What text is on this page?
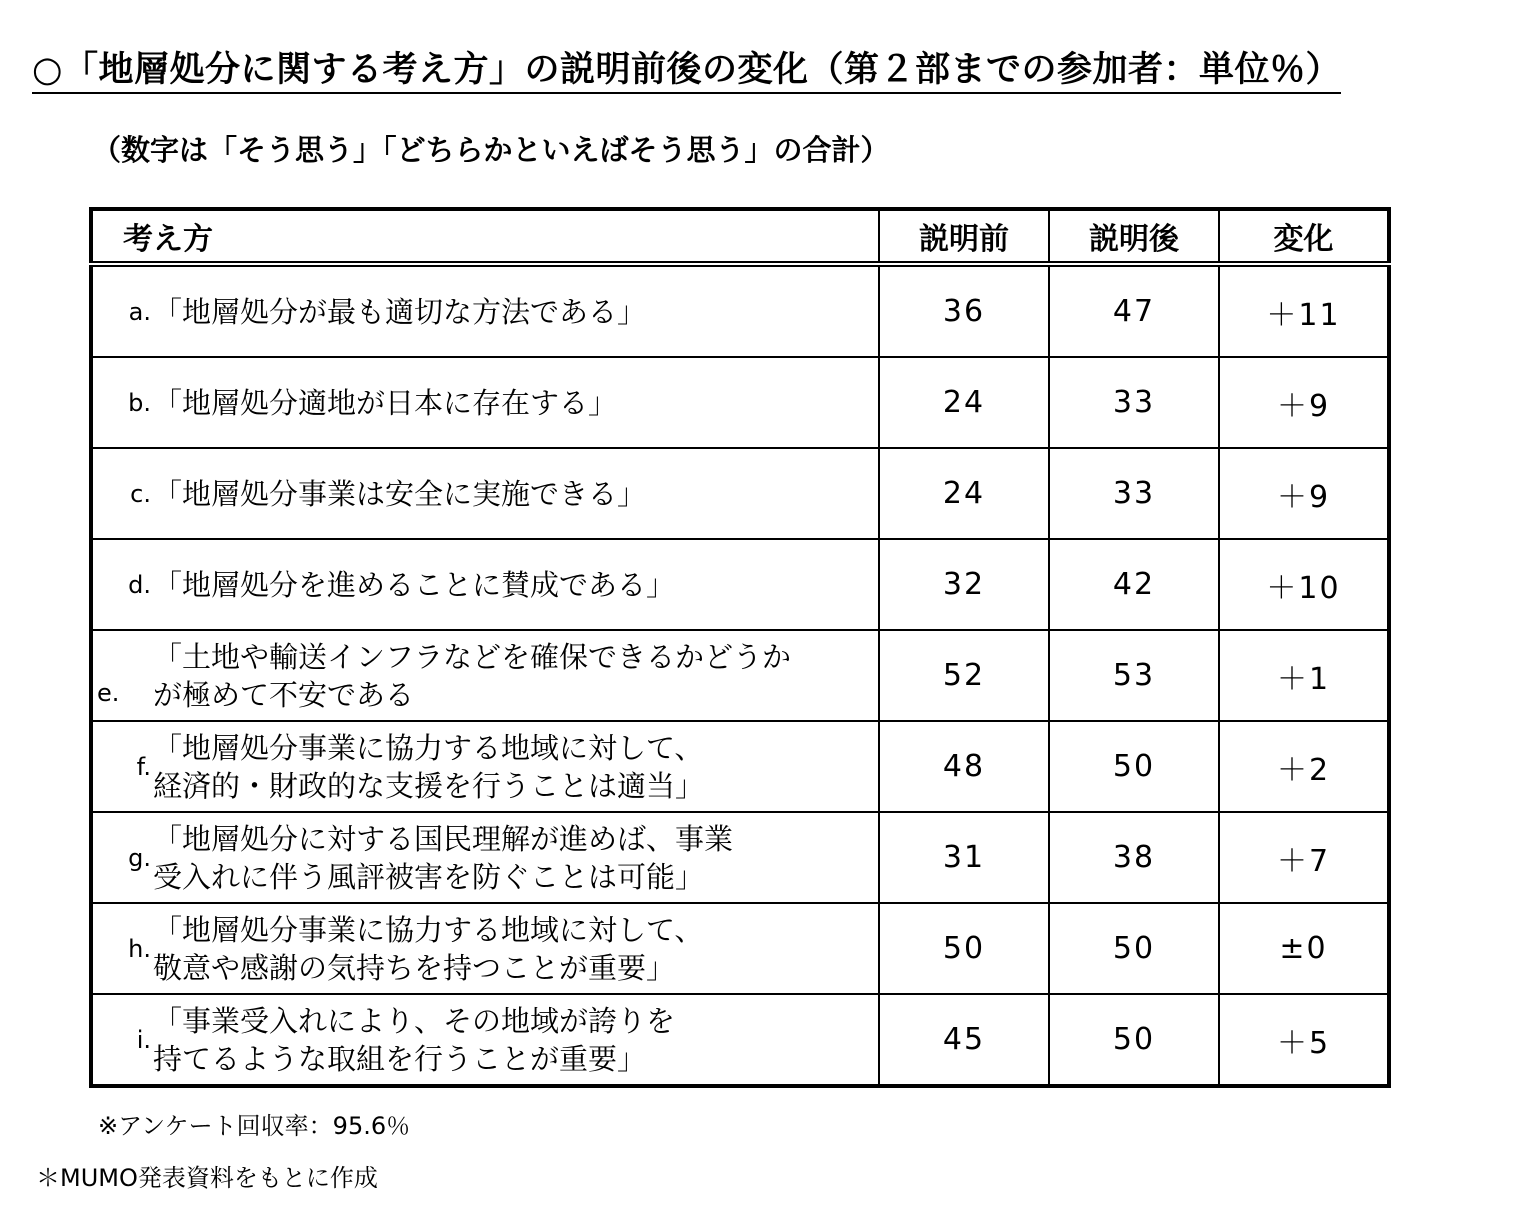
○「地層処分に関する考え方」の説明前後の変化（第２部までの参加者：単位％）
（数字は「そう思う」「どちらかといえばそう思う」の合計）
考え方	説明前	説明後	変化

a. 「地層処分が最も適切な方法である」	36	47	＋11

b. 「地層処分適地が日本に存在する」	24	33	＋9

c. 「地層処分事業は安全に実施できる」	24	33	＋9

d. 「地層処分を進めることに賛成である」	32	42	＋10

e.
「土地や輸送インフラなどを確保できるかどうか
が極めて不安である	52	53	＋1

f.
「地層処分事業に協力する地域に対して、
経済的・財政的な支援を行うことは適当」	48	50	＋2

g.
「地層処分に対する国民理解が進めば、事業
受入れに伴う風評被害を防ぐことは可能」	31	38	＋7

h.
「地層処分事業に協力する地域に対して、
敬意や感謝の気持ちを持つことが重要」	50	50	±0

i.
「事業受入れにより、その地域が誇りを
持てるような取組を行うことが重要」	45	50	＋5
※アンケート回収率：95.6％
＊MUMO発表資料をもとに作成
